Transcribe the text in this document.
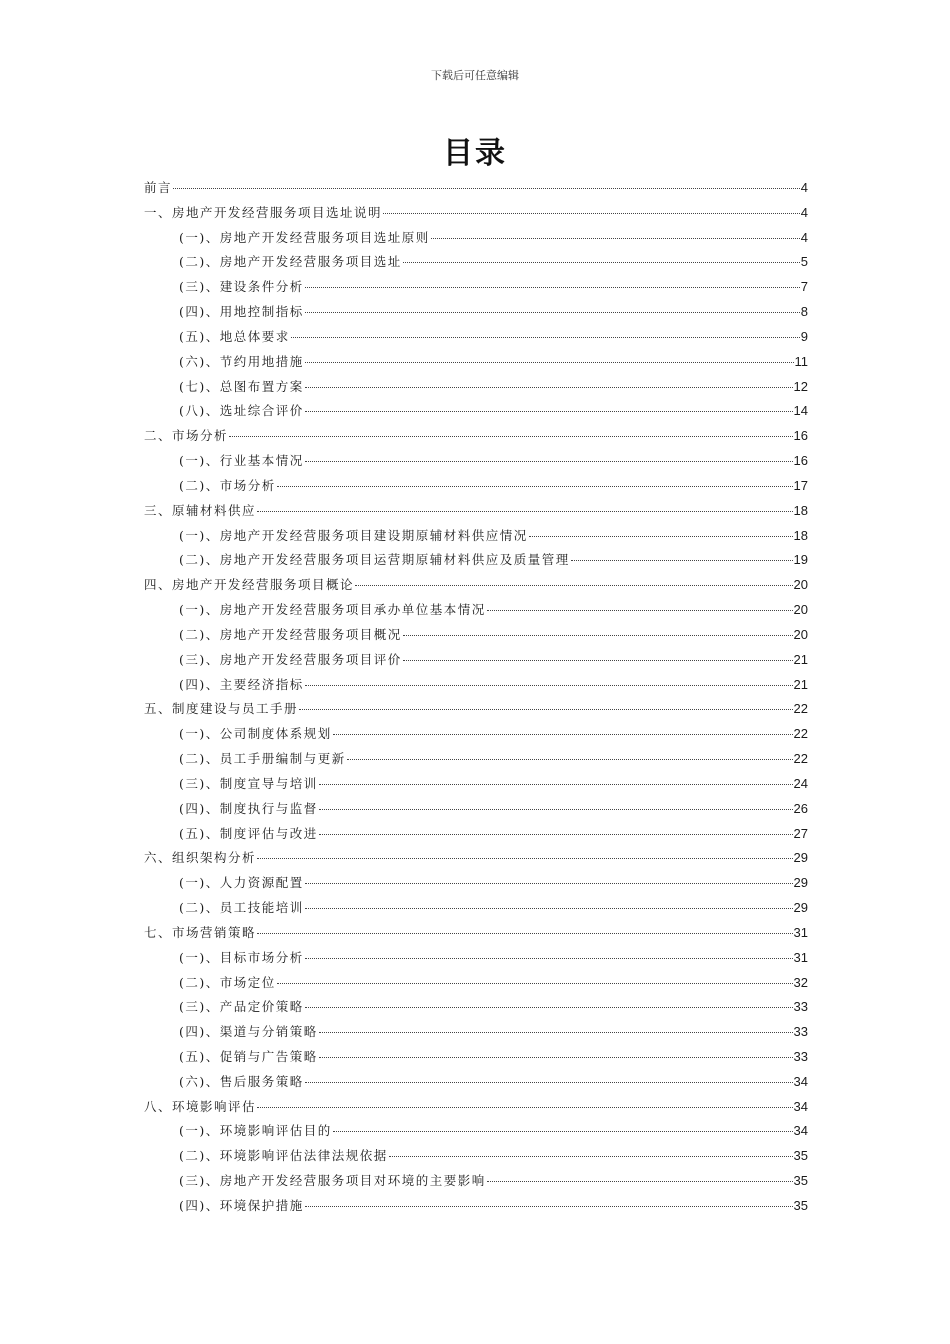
下载后可任意编辑
目录
前言	4
一、房地产开发经营服务项目选址说明	4
(一)、房地产开发经营服务项目选址原则	4
(二)、房地产开发经营服务项目选址	5
(三)、建设条件分析	7
(四)、用地控制指标	8
(五)、地总体要求	9
(六)、节约用地措施	11
(七)、总图布置方案	12
(八)、选址综合评价	14
二、市场分析	16
(一)、行业基本情况	16
(二)、市场分析	17
三、原辅材料供应	18
(一)、房地产开发经营服务项目建设期原辅材料供应情况	18
(二)、房地产开发经营服务项目运营期原辅材料供应及质量管理	19
四、房地产开发经营服务项目概论	20
(一)、房地产开发经营服务项目承办单位基本情况	20
(二)、房地产开发经营服务项目概况	20
(三)、房地产开发经营服务项目评价	21
(四)、主要经济指标	21
五、制度建设与员工手册	22
(一)、公司制度体系规划	22
(二)、员工手册编制与更新	22
(三)、制度宣导与培训	24
(四)、制度执行与监督	26
(五)、制度评估与改进	27
六、组织架构分析	29
(一)、人力资源配置	29
(二)、员工技能培训	29
七、市场营销策略	31
(一)、目标市场分析	31
(二)、市场定位	32
(三)、产品定价策略	33
(四)、渠道与分销策略	33
(五)、促销与广告策略	33
(六)、售后服务策略	34
八、环境影响评估	34
(一)、环境影响评估目的	34
(二)、环境影响评估法律法规依据	35
(三)、房地产开发经营服务项目对环境的主要影响	35
(四)、环境保护措施	35
